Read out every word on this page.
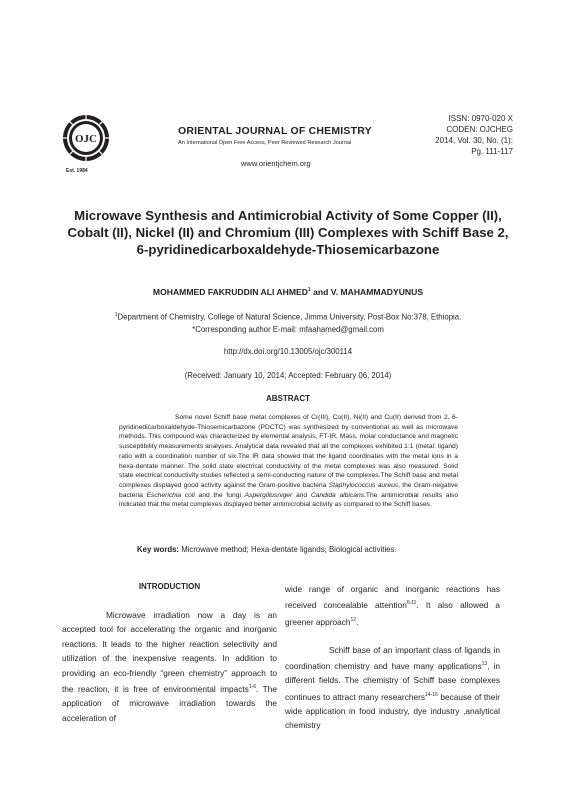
OJC
Est. 1984
ORIENTAL JOURNAL OF CHEMISTRY
An International Open Free Access, Peer Reviewed Research Journal
www.orientjchem.org
ISSN: 0970-020 X
CODEN: OJCHEG
2014, Vol. 30, No. (1):
Pg. 111-117
Microwave Synthesis and Antimicrobial Activity of Some Copper (II), Cobalt (II), Nickel (II) and Chromium (III) Complexes with Schiff Base 2, 6-pyridinedicarboxaldehyde-Thiosemicarbazone
MOHAMMED FAKRUDDIN ALI AHMED$^1$ and V. MAHAMMADYUNUS
$^1$Department of Chemistry, College of Natural Science, Jimma University, Post-Box No:378, Ethiopia.
*Corresponding author E-mail: mfaahamed@gmail.com
http://dx.doi.org/10.13005/ojc/300114
(Received: January 10, 2014; Accepted: February 06, 2014)
ABSTRACT

Some novel Schiff base metal complexes of Cr(III), Co(II), Ni(II) and Cu(II) derived from 2, 6-pyridinedicarboxaldehyde-Thiosemicarbazone (PDCTC) was synthesized by conventional as well as microwave methods. This compound was characterized by elemental analysis, FT-IR, Mass, molar conductance and magnetic susceptibility measurements analyses. Analytical data revealed that all the complexes exhibited 1:1 (metal: ligand) ratio with a coordination number of six.The IR data showed that the ligand coordinates with the metal ions in a hexa-dentate manner. The solid state electrical conductivity of the metal complexes was also measured. Solid state electrical conductivity studies reflected a semi-conducting nature of the complexes.The Schiff base and metal complexes displayed good activity against the Gram-positive bacteria Staphylococcus aureus, the Gram-negative bacteria Escherichia coli and the fungi Aspergillusniger and Candida albicans.The antimicrobial results also indicated that the metal complexes displayed better antimicrobial activity as compared to the Schiff bases.

Key words: Microwave method; Hexa-dentate ligands; Biological activities.
INTRODUCTION

Microwave irradiation now a day is an accepted tool for accelerating the organic and inorganic reactions. It leads to the higher reaction selectivity and utilization of the inexpensive reagents. In addition to providing an eco-friendly “green chemistry” approach to the reaction, it is free of environmental impacts$^{1-6}$. The application of microwave irradiation towards the acceleration of

wide range of organic and inorganic reactions has received concealable attention$^{6-11}$. It also allowed a greener approach$^{12}$.

Schiff base of an important class of ligands in coordination chemistry and have many applications$^{13}$, in different fields. The chemistry of Schiff base complexes continues to attract many researchers$^{14-16}$ because of their wide application in food industry, dye industry ,analytical chemistry
